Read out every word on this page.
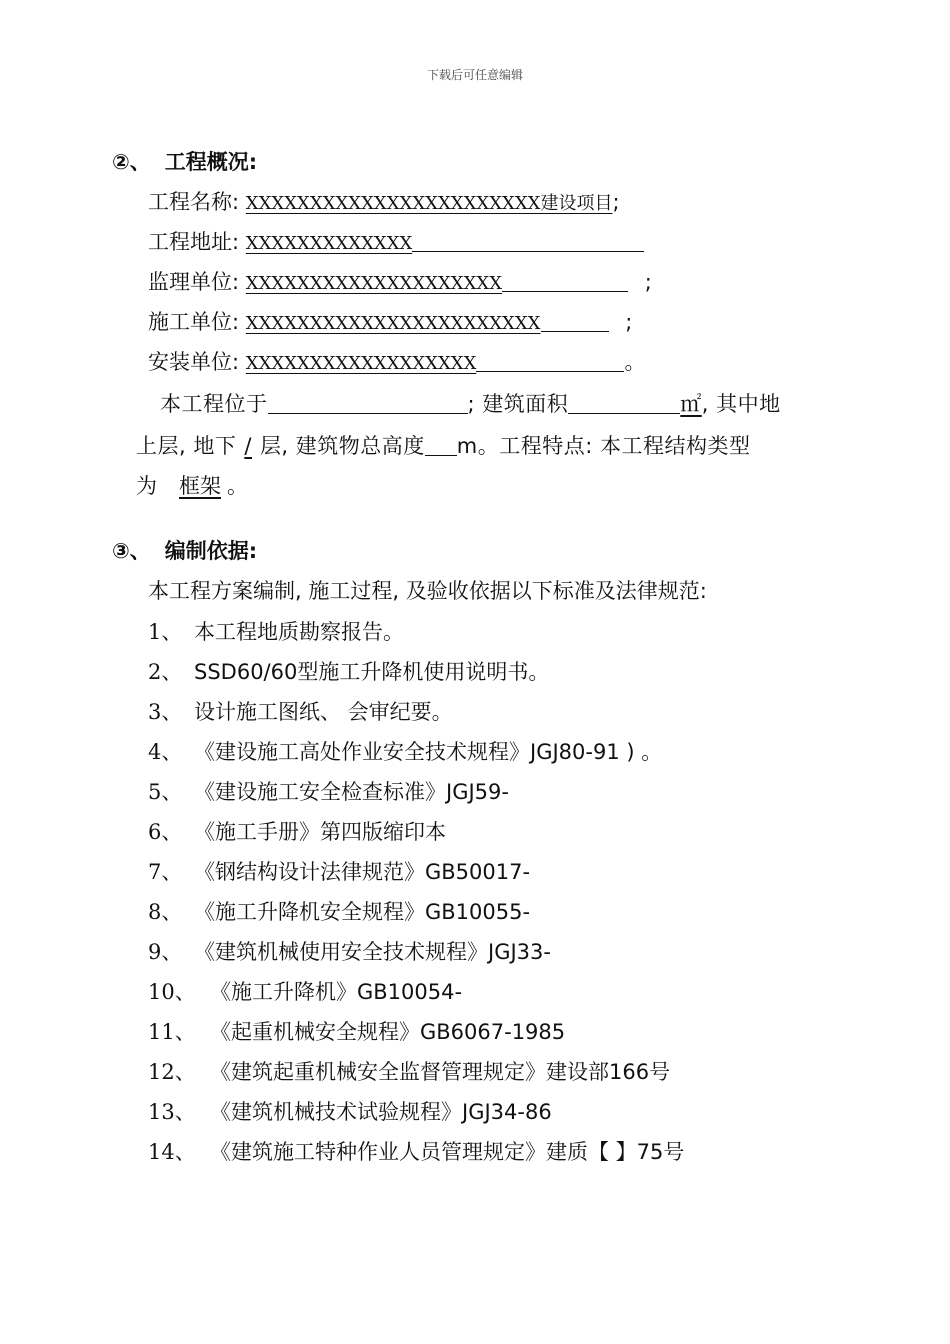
下载后可任意编辑
②、 工程概况:
工程名称: XXXXXXXXXXXXXXXXXXXXXXX建设项目;
工程地址: XXXXXXXXXXXXX
监理单位: XXXXXXXXXXXXXXXXXXXX	;
施工单位: XXXXXXXXXXXXXXXXXXXXXXX	;
安装单位: XXXXXXXXXXXXXXXXXX	。
本工程位于	; 建筑面积	㎡, 其中地
上层, 地下 / 层, 建筑物总高度 m。工程特点: 本工程结构类型
为 框架 。
③、 编制依据:
本工程方案编制, 施工过程, 及验收依据以下标准及法律规范:
1、 本工程地质勘察报告。
2、 SSD60/60型施工升降机使用说明书。
3、 设计施工图纸、 会审纪要。
4、 《建设施工高处作业安全技术规程》JGJ80-91 ) 。
5、 《建设施工安全检查标准》JGJ59-
6、 《施工手册》第四版缩印本
7、 《钢结构设计法律规范》GB50017-
8、 《施工升降机安全规程》GB10055-
9、 《建筑机械使用安全技术规程》JGJ33-
10、 《施工升降机》GB10054-
11、 《起重机械安全规程》GB6067-1985
12、 《建筑起重机械安全监督管理规定》建设部166号
13、 《建筑机械技术试验规程》JGJ34-86
14、 《建筑施工特种作业人员管理规定》建质【 】75号
